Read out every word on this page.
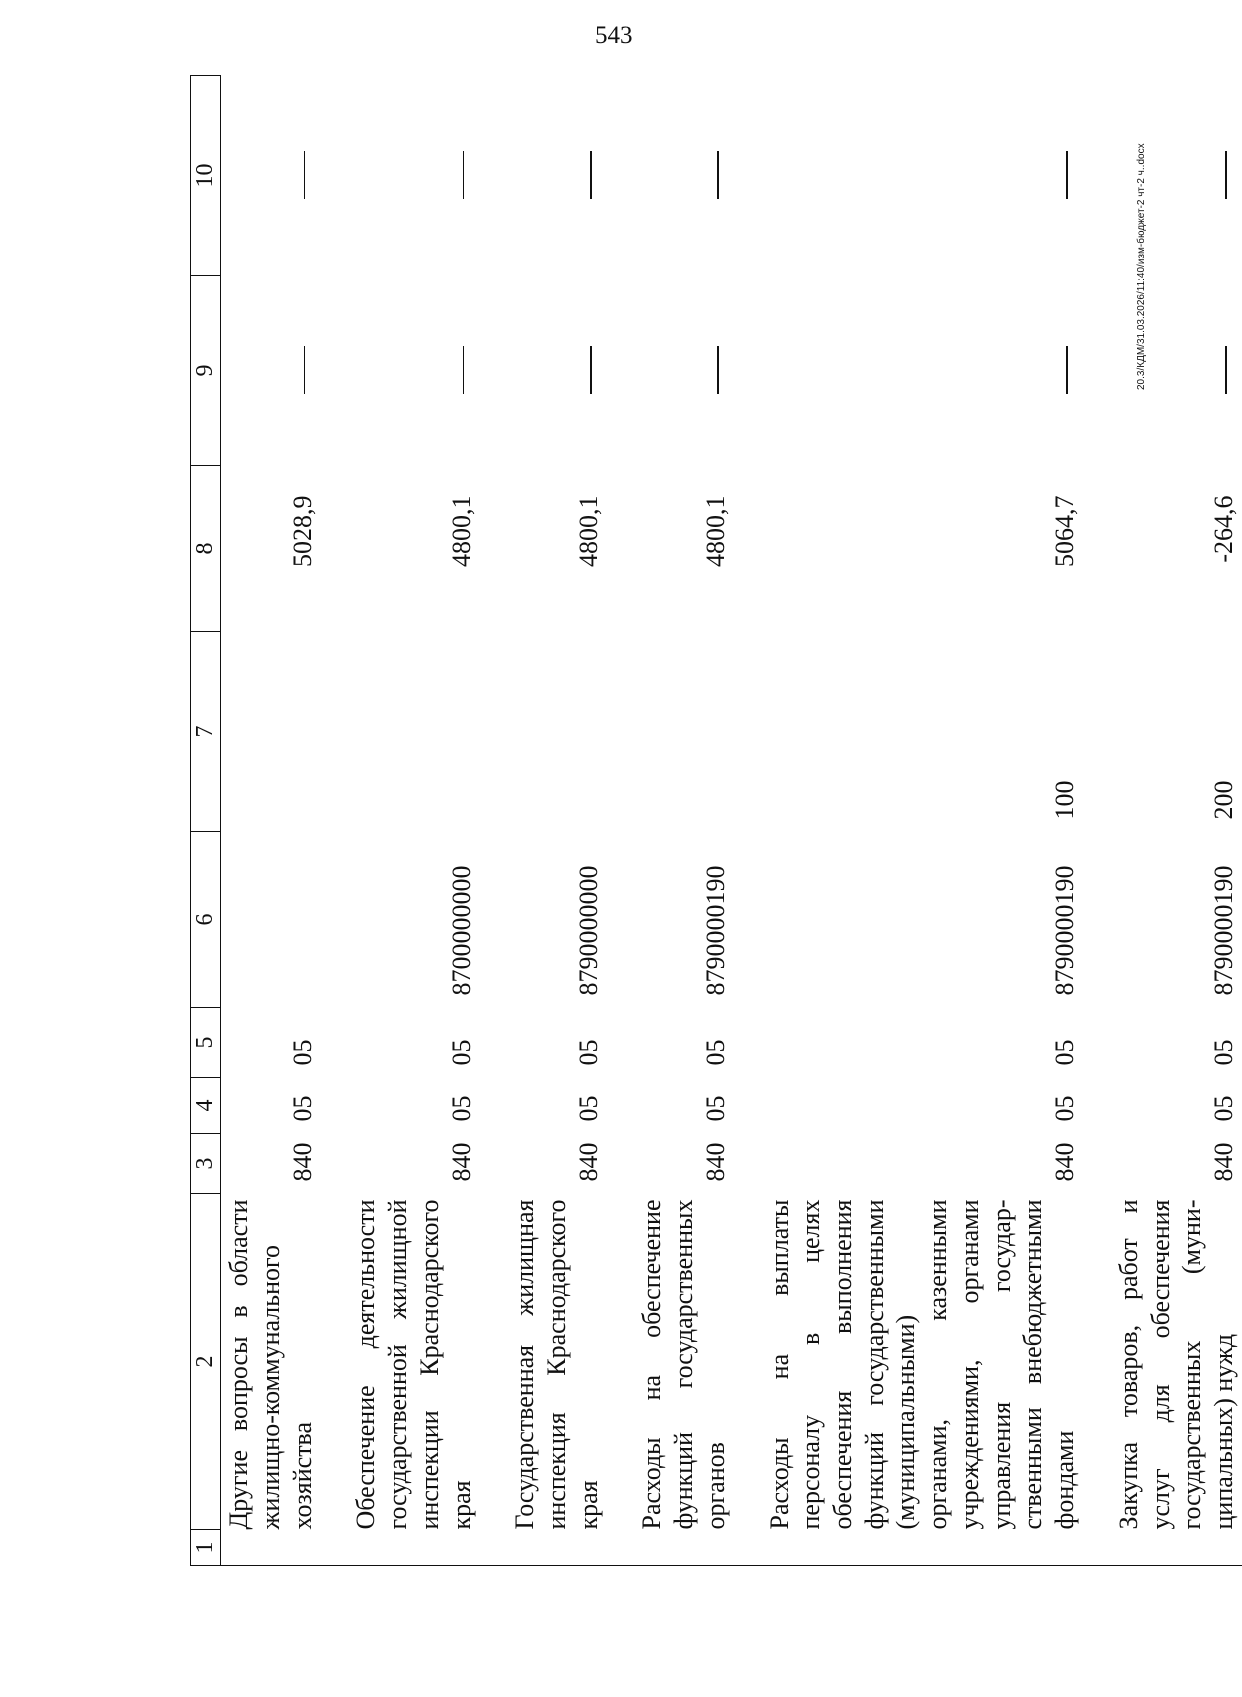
543
20.3/КДМ/31.03.2026/11:40/изм-бюджет-2 чт-2 ч..docx
1	2	3	4	5	6	7	8	9	10
	Другие вопросы в области жилищно-коммунального хозяйства	840	05	05			5028,9		

	Обеспечение деятельности государственной жилищной инспекции Краснодарского края	840	05	05	8700000000		4800,1		

	Государственная жилищная инспекция Краснодарского края	840	05	05	8790000000		4800,1		

	Расходы на обеспечение функций государственных органов	840	05	05	8790000190		4800,1		

	Расходы на выплаты персоналу в целях обеспечения выполнения функций государственными (муниципальными) органами, казенными учреждениями, органами управления государственными внебюджетными фондами	840	05	05	8790000190	100	5064,7		

	Закупка товаров, работ и услуг для обеспечения государственных (муниципальных) нужд	840	05	05	8790000190	200	-264,6		
